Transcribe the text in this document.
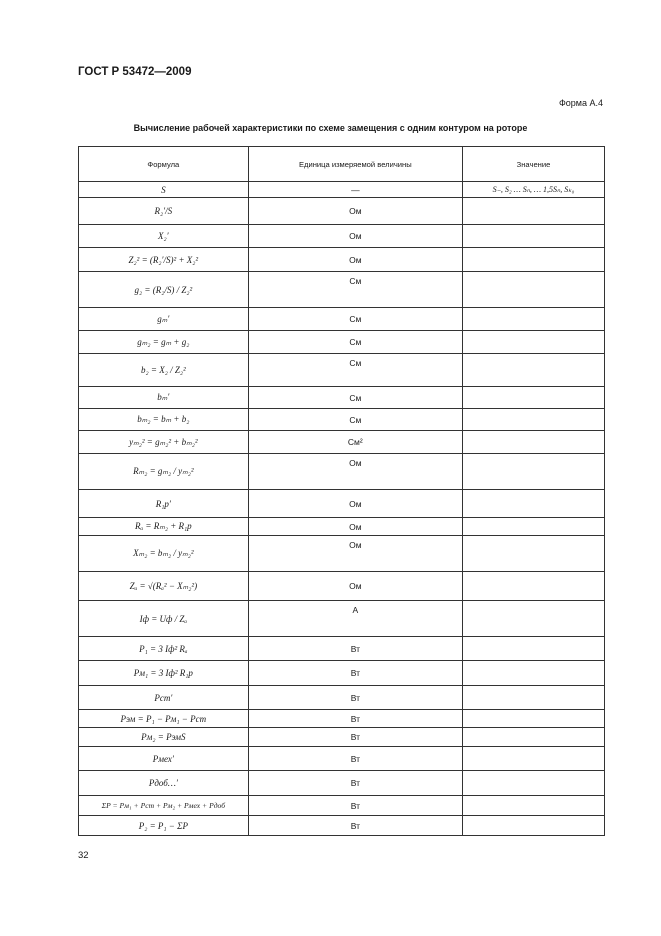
ГОСТ Р 53472—2009
Форма А.4
Вычисление рабочей характеристики по схеме замещения с одним контуром на роторе
Формула	Единица измеряемой величины	Значение
S	—	S₋, S₂ … Sₙ, … 1,5Sₙ, Sₖ₀
R₂′/S	Ом	
X₂′	Ом	
Z₂² = (R₂′/S)² + X₂²	Ом	
g₂ = (R₂/S) / Z₂²	См	
gₘ′	См	
gₘ₂ = gₘ + g₂	См	
b₂ = X₂ / Z₂²	См	
bₘ′	См	
bₘ₂ = bₘ + b₂	См	
yₘ₂² = gₘ₂² + bₘ₂²	См²	
Rₘ₂ = gₘ₂ / yₘ₂²	Ом	
R₁р′	Ом	
Rₐ = Rₘ₂ + R₁р	Ом	
Xₘ₂ = bₘ₂ / yₘ₂²	Ом	
Zₐ = √(Rₐ² − Xₘ₂²)	Ом	
Iф = Uф / Zₐ	А	
P₁ = 3 Iф² Rₐ	Вт	
Pм₁ = 3 Iф² R₁р	Вт	
Pст′	Вт	
Pэм = P₁ − Pм₁ − Pст	Вт	
Pм₂ = PэмS	Вт	
Pмех′	Вт	
Pдоб…′	Вт	
ΣP = Pм₁ + Pст + Pм₂ + Pмех + Pдоб	Вт	
P₂ = P₁ − ΣP	Вт	
32
